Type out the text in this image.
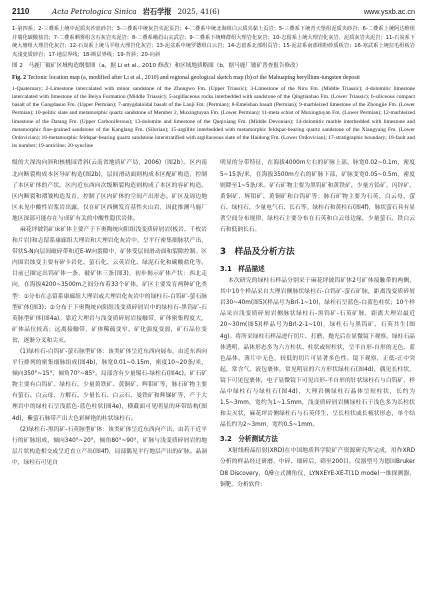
2110	Acta Petrologica Sinica 岩石学报 2025, 41(6)	www.ysxb.ac.cn
1-第四系；2-三叠系上统中泥质夹沙蓝砂岩；3-三叠系中统灰岩夹泥页岩；4-二叠系中统北海组白云质夹黏土页岩；5-三叠系下统青天堡组泥质夹砂岩；6-二叠系上统阿达维组并墙化碳酸盐岩；7-二叠系晒雾组含石灰岩夹泥岩；8-二叠系峨眉山玄武岩；9-二叠系下统峰群组大理岩化灰岩；10-志留系上统大理岩化灰岩、泥质灰岩夹泥岩；11-石炭系下统大塘组大理岩化灰岩；12-石炭系上统马平组大理岩化灰岩；13-泥盆系中统罗德组白云岩；14-志留系北部组页岩；15-泥盆系南部组粉砂质板岩；16-寒武系上统拉毛组板岩夹浅变质砂岩；17-地层界线；18-断层界线；19-背斜；20-向斜
图 2　马鹿厂铍矿区域构造纲要图（a，据 Li et al., 2010 修改）和区域地质略图（b，据马鹿厂铍矿普查报告修改）
Fig. 2 Tectonic location map (a, modified after Li et al., 2010) and regional geological sketch map (b) of the Mahuaping beryllium-tungsten deposit
1-Quaternary; 2-Limestone intercalated with minor sandstone of the Zhongwo Fm. (Upper Triassic); 3-Limestone of the Niru Fm. (Middle Triassic); 4-dolomitic limestone intercalated with limestone of the Beiya Formation (Middle Triassic); 5-argillaceous rocks interbedded with sandstone of the Qingtianbao Fm. (Lower Triassic); 6-siliceous compact basalt of the Gangdasuo Fm. (Upper Permian); 7-amygdaloidal basalt of the Laoji Fm. (Permian); 8-Emeishan basalt (Permian); 9-marbleized limestone of the Zhongjie Fm. (Lower Permian); 10-pelitic slate and metamorphic quartz sandstone of Member 2, Muxingtuyan Fm. (Lower Permian); 11-meta schist of Muxingtuyan Fm. (Lower Permian); 12-marbleized limestone of the Datang Fm. (Upper Carboniferous); 13-dolomite and limestone of the Quqixiang Fm. (Middle Devonian); 14-dolomitic marble interbedded with limestone and metamorphic fine-grained sandstone of the Kanglang Fm. (Silurian); 15-argillite interbedded with metamorphic feldspar-bearing quartz sandstone of the Xiangyang Fm. (Lower Ordovician); 16-metamorphic feldspar-bearing quartz sandstone interstratified with argillaceous slate of the Haidong Fm. (Lower Ordovician); 17-stratigraphic boundary; 18-fault and its number; 19-anticline; 20-syncline

级的大深沟向斜和核桃园背斜(云南省地质矿产局，2006)（图2b）。区内南北向断裂构成本区导矿构造(图2b)，层间滑动面则构成本区配矿构造，控制了本区矿体的产状。区内近东西向次级断裂构造则构成了本区的容矿构造。区内断裂和褶皱构造发育，控制了区内矿体的空间产出形态。矿区及周边地区未见中酸性岩浆岩出露，仅在矿区西侧发育基性火山岩，因此推测马鹿厂地区深部可能存在与成矿有关的中酸性隐伏岩体。

麻花坪铍钨矿床矿体主要产于下奥陶统向阳组浅变质碎屑岩(板岩、千枚岩和片岩)和志留系康廊组大理岩和大理岩化灰岩中，呈平行密集细脉状产出，带状S-N向层间破碎带和近E-W向裂隙中，矿体受层间滑动面和裂隙控制。区内围岩蚀变主要有矽卡岩化、萤石化、云英岩化、绿泥石化和碳酸盐化等。目前已圈定出钨矿体一条，铍矿体三条(图3)，初步揭示矿体产状：西北走向，在海拔4200~3500m之间分布着33个矿体。矿区主要发育两种矿化类型：①分布在志留系康廊组大理岩或大理岩化灰岩中的绿柱石-白钨矿-萤石脉型矿体(图3)；②分布于下奥陶统向阳组浅变质碎屑岩中的绿柱石-黑钨矿-石英脉型矿体(图4a)。靠近大理岩与浅变质碎屑岩接触带，矿体密集程度大，矿体品位较高；远离接触带，矿体稀疏变窄、矿化强度变弱，矿石品位变贫，逐渐分叉和尖灭。

(1)绿柱石-白钨矿-萤石脉型矿体：该类矿体呈近东西向展布，由近东西向平行排列的密集细脉组成(图4b)，脉宽0.01~0.15m，密度10~20条/米，倾向350°~15°，倾角70°~85°。局部含有少量锡石-绿柱石(图4c)。矿石矿物主要有白钨矿、绿柱石、少量黄铁矿、黄铜矿、辉钼矿等，脉石矿物主要有萤石、白云母、方解石、少量长石、白云石、曼铁矿和辉锑矿等，产于大理岩中的绿柱石呈浅蓝色-蓝色柱状(图4e)，横截面可见明显的环带结构(图4d)，紫萤石脉带产出大色彩鲜艳的柱状绿柱石。

(2)绿柱石-黑钨矿-石英脉型矿体：该类矿体呈近东西向产出，由若干近平行的矿脉组成，倾向340°~20°，倾角80°~90°，矿脉与浅变质碎屑岩的地层片状构造相交或呈近直立产出(图4f)，局部偶见平行地层产出的矿脉。晶洞中，绿柱石可见自

明显的分带特征，在海拔4000m左右的矿脉上部，脉宽0.02~0.1m，密度5~15条/米，在海拔3500m左右的矿脉下部，矿脉变宽0.05~0.5m，密度则降至1~5条/米。矿石矿物主要为黑钨矿和黄铁矿，少量方铅矿、闪锌矿、黄铜矿、辉钼矿、黄铜矿和白钨矿等；脉石矿物主要为石英、白云母、萤石、绿柱石，少量电气石、长石等。绿柱石和黄柱石(图4f)，脉状萤石具有显著空间分布规律，绿柱石主要分布在石英和白云母边缘，少量萤石、铁白云石和低钠长石。

3　样品及分析方法
3.1　样品描述

本次研究的绿柱石样品分别采于麻花坪铍钨矿体2号矿体接触带的两侧，其中10个样品采自大理岩侧脉状绿柱石-白钨矿-萤石矿脉，距离浅变质碎屑岩30~40m(图5)(样品号为Brl-1~10)，绿柱石呈蓝色-白蓝色柱状；10个样品采自浅变质碎屑岩侧脉状绿柱石-黑钨矿-石英矿脉，距离大理岩最近20~30m(图5)(样品号为Brl-2-1~10)，绿柱石与黑钨矿、石英共生(图4g)。将所采绿柱石样品进行切片、打磨、抛光后在显微镜下观察。绿柱石晶体透明，晶体形态多为六方柱状、柱状或短柱状，呈半自形-自形的无色、蓝色晶体。薄片中无色，较低的切片可显著多色性。镜下观察，正低-正中突起，常含气、液包裹体，常见明显的六方形状绿柱石(图4d)，偶见长柱状，镜下可见包裹体，电子显微镜下可见自形-半自形的针状绿柱石与白钨矿，样品中绿柱石与绿柱石(图4d)，大理岩侧绿柱石晶体呈短柱状，长约为1.5~3mm，宽约为1~1.5mm，浅变质碎屑岩侧绿柱石于浅色多为长柱状和尖灭状，麻花坪岩侧绿柱石与石英伴生，呈长柱状或长梳状形态，单个结晶长约为2~3mm，宽约0.5~1mm。

3.2　分析测试方法

X射线粉晶衍射(XRD)在中国地质科学院矿产资源研究所完成，用作XRD分析的样品经过研磨、中碎、细碎后，筛至200目。仪器型号为德国Bruker D8 Discovery，0/θ立式测角仪，LYNXEYE-XE-T(1D mode)一维探测器，铜靶。分析软件：
